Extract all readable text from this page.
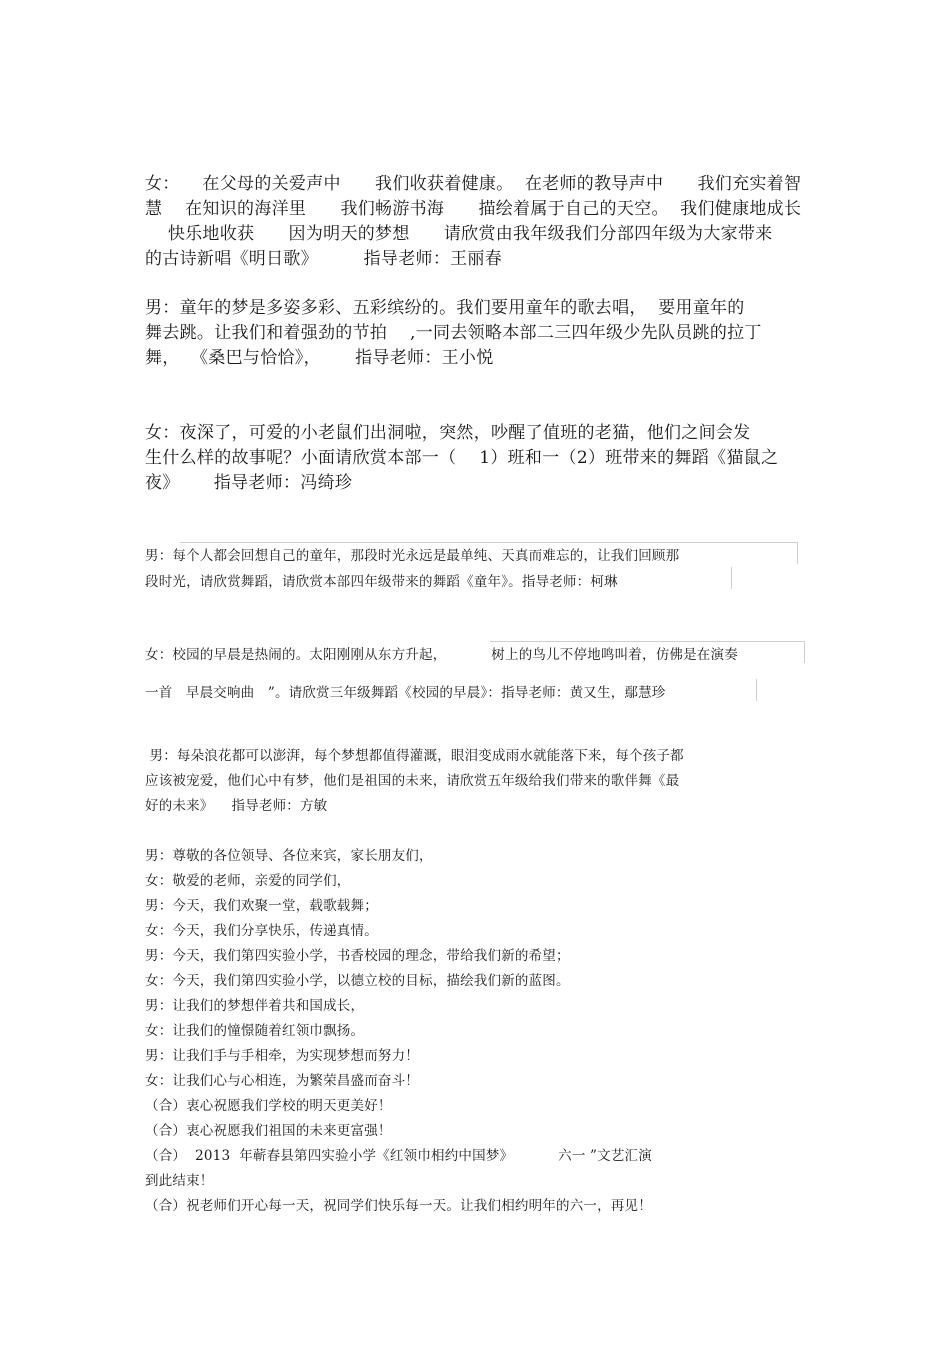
女：    在父母的关爱声中      我们收获着健康。  在老师的教导声中      我们充实着智

慧    在知识的海洋里      我们畅游书海      描绘着属于自己的天空。  我们健康地成长

快乐地收获      因为明天的梦想      请欣赏由我年级我们分部四年级为大家带来

的古诗新唱《明日歌》        指导老师：王丽春

男：童年的梦是多姿多彩、五彩缤纷的。我们要用童年的歌去唱，  要用童年的

舞去跳。让我们和着强劲的节拍    ,一同去领略本部二三四年级少先队员跳的拉丁

舞，  《桑巴与恰恰》，      指导老师：王小悦

女：夜深了，可爱的小老鼠们出洞啦，突然，吵醒了值班的老猫，他们之间会发

生什么样的故事呢？小面请欣赏本部一（    1）班和一（2）班带来的舞蹈《猫鼠之

夜》      指导老师：冯绮珍

男：每个人都会回想自己的童年，那段时光永远是最单纯、天真而难忘的，让我们回顾那

段时光，请欣赏舞蹈，请欣赏本部四年级带来的舞蹈《童年》。指导老师：柯琳

女：校园的早晨是热闹的。太阳刚刚从东方升起，          树上的鸟儿不停地鸣叫着，仿佛是在演奏

一首   早晨交响曲   ”。请欣赏三年级舞蹈《校园的早晨》：指导老师：黄又生，鄢慧珍

男：每朵浪花都可以澎湃，每个梦想都值得灌溉，眼泪变成雨水就能落下来，每个孩子都

应该被宠爱，他们心中有梦，他们是祖国的未来，请欣赏五年级给我们带来的歌伴舞《最

好的未来》    指导老师：方敏

男：尊敬的各位领导、各位来宾，家长朋友们，

女：敬爱的老师，亲爱的同学们，

男：今天，我们欢聚一堂，载歌载舞；

女：今天，我们分享快乐，传递真情。

男：今天，我们第四实验小学，书香校园的理念，带给我们新的希望；

女：今天，我们第四实验小学，以德立校的目标，描绘我们新的蓝图。

男：让我们的梦想伴着共和国成长，

女：让我们的憧憬随着红领巾飘扬。

男：让我们手与手相牵，为实现梦想而努力！

女：让我们心与心相连，为繁荣昌盛而奋斗！

（合）衷心祝愿我们学校的明天更美好！

（合）衷心祝愿我们祖国的未来更富强！

（合）  2013  年蕲春县第四实验小学《红领巾相约中国梦》          六一 ”文艺汇演

到此结束！

（合）祝老师们开心每一天，祝同学们快乐每一天。让我们相约明年的六一，再见！
